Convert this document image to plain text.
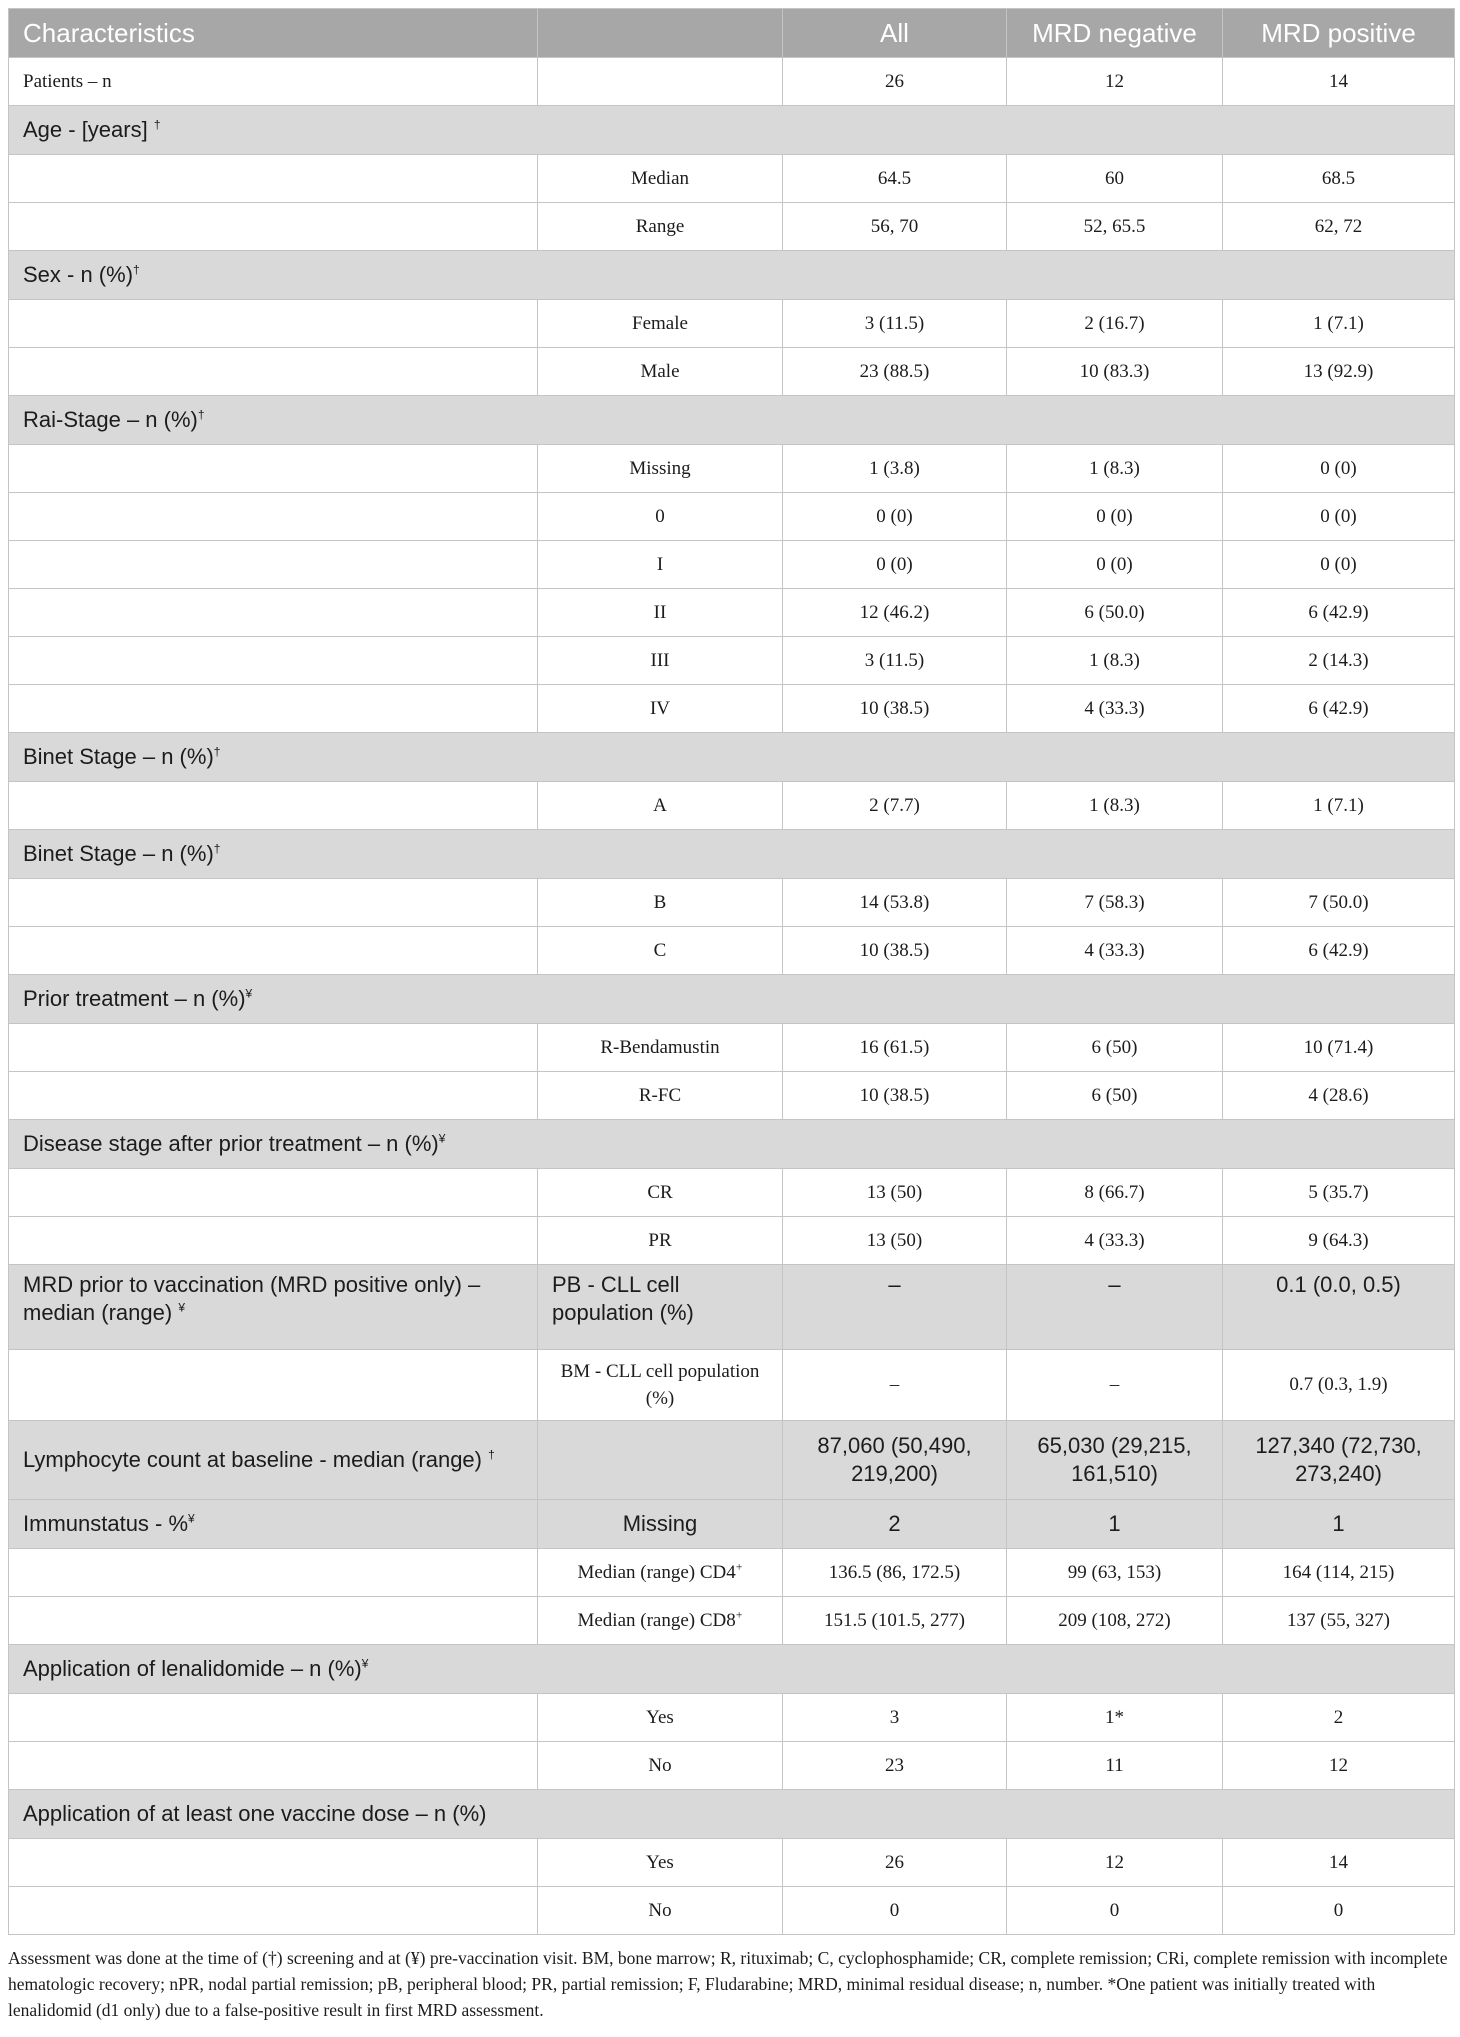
Characteristics		All	MRD negative	MRD positive
Patients – n		26	12	14
Age - [years] †
	Median	64.5	60	68.5
	Range	56, 70	52, 65.5	62, 72
Sex - n (%)†
	Female	3 (11.5)	2 (16.7)	1 (7.1)
	Male	23 (88.5)	10 (83.3)	13 (92.9)
Rai-Stage – n (%)†
	Missing	1 (3.8)	1 (8.3)	0 (0)
	0	0 (0)	0 (0)	0 (0)
	I	0 (0)	0 (0)	0 (0)
	II	12 (46.2)	6 (50.0)	6 (42.9)
	III	3 (11.5)	1 (8.3)	2 (14.3)
	IV	10 (38.5)	4 (33.3)	6 (42.9)
Binet Stage – n (%)†
	A	2 (7.7)	1 (8.3)	1 (7.1)
Binet Stage – n (%)†
	B	14 (53.8)	7 (58.3)	7 (50.0)
	C	10 (38.5)	4 (33.3)	6 (42.9)
Prior treatment – n (%)¥
	R-Bendamustin	16 (61.5)	6 (50)	10 (71.4)
	R-FC	10 (38.5)	6 (50)	4 (28.6)
Disease stage after prior treatment – n (%)¥
	CR	13 (50)	8 (66.7)	5 (35.7)
	PR	13 (50)	4 (33.3)	9 (64.3)
MRD prior to vaccination (MRD positive only) – median (range) ¥	PB - CLL cell population (%)	–	–	0.1 (0.0, 0.5)
	BM - CLL cell population (%)	–	–	0.7 (0.3, 1.9)
Lymphocyte count at baseline - median (range) †		87,060 (50,490, 219,200)	65,030 (29,215, 161,510)	127,340 (72,730, 273,240)
Immunstatus - %¥	Missing	2	1	1
	Median (range) CD4+	136.5 (86, 172.5)	99 (63, 153)	164 (114, 215)
	Median (range) CD8+	151.5 (101.5, 277)	209 (108, 272)	137 (55, 327)
Application of lenalidomide – n (%)¥
	Yes	3	1*	2
	No	23	11	12
Application of at least one vaccine dose – n (%)				
	Yes	26	12	14
	No	0	0	0
Assessment was done at the time of (†) screening and at (¥) pre-vaccination visit. BM, bone marrow; R, rituximab; C, cyclophosphamide; CR, complete remission; CRi, complete remission with incomplete hematologic recovery; nPR, nodal partial remission; pB, peripheral blood; PR, partial remission; F, Fludarabine; MRD, minimal residual disease; n, number. *One patient was initially treated with lenalidomid (d1 only) due to a false-positive result in first MRD assessment.
